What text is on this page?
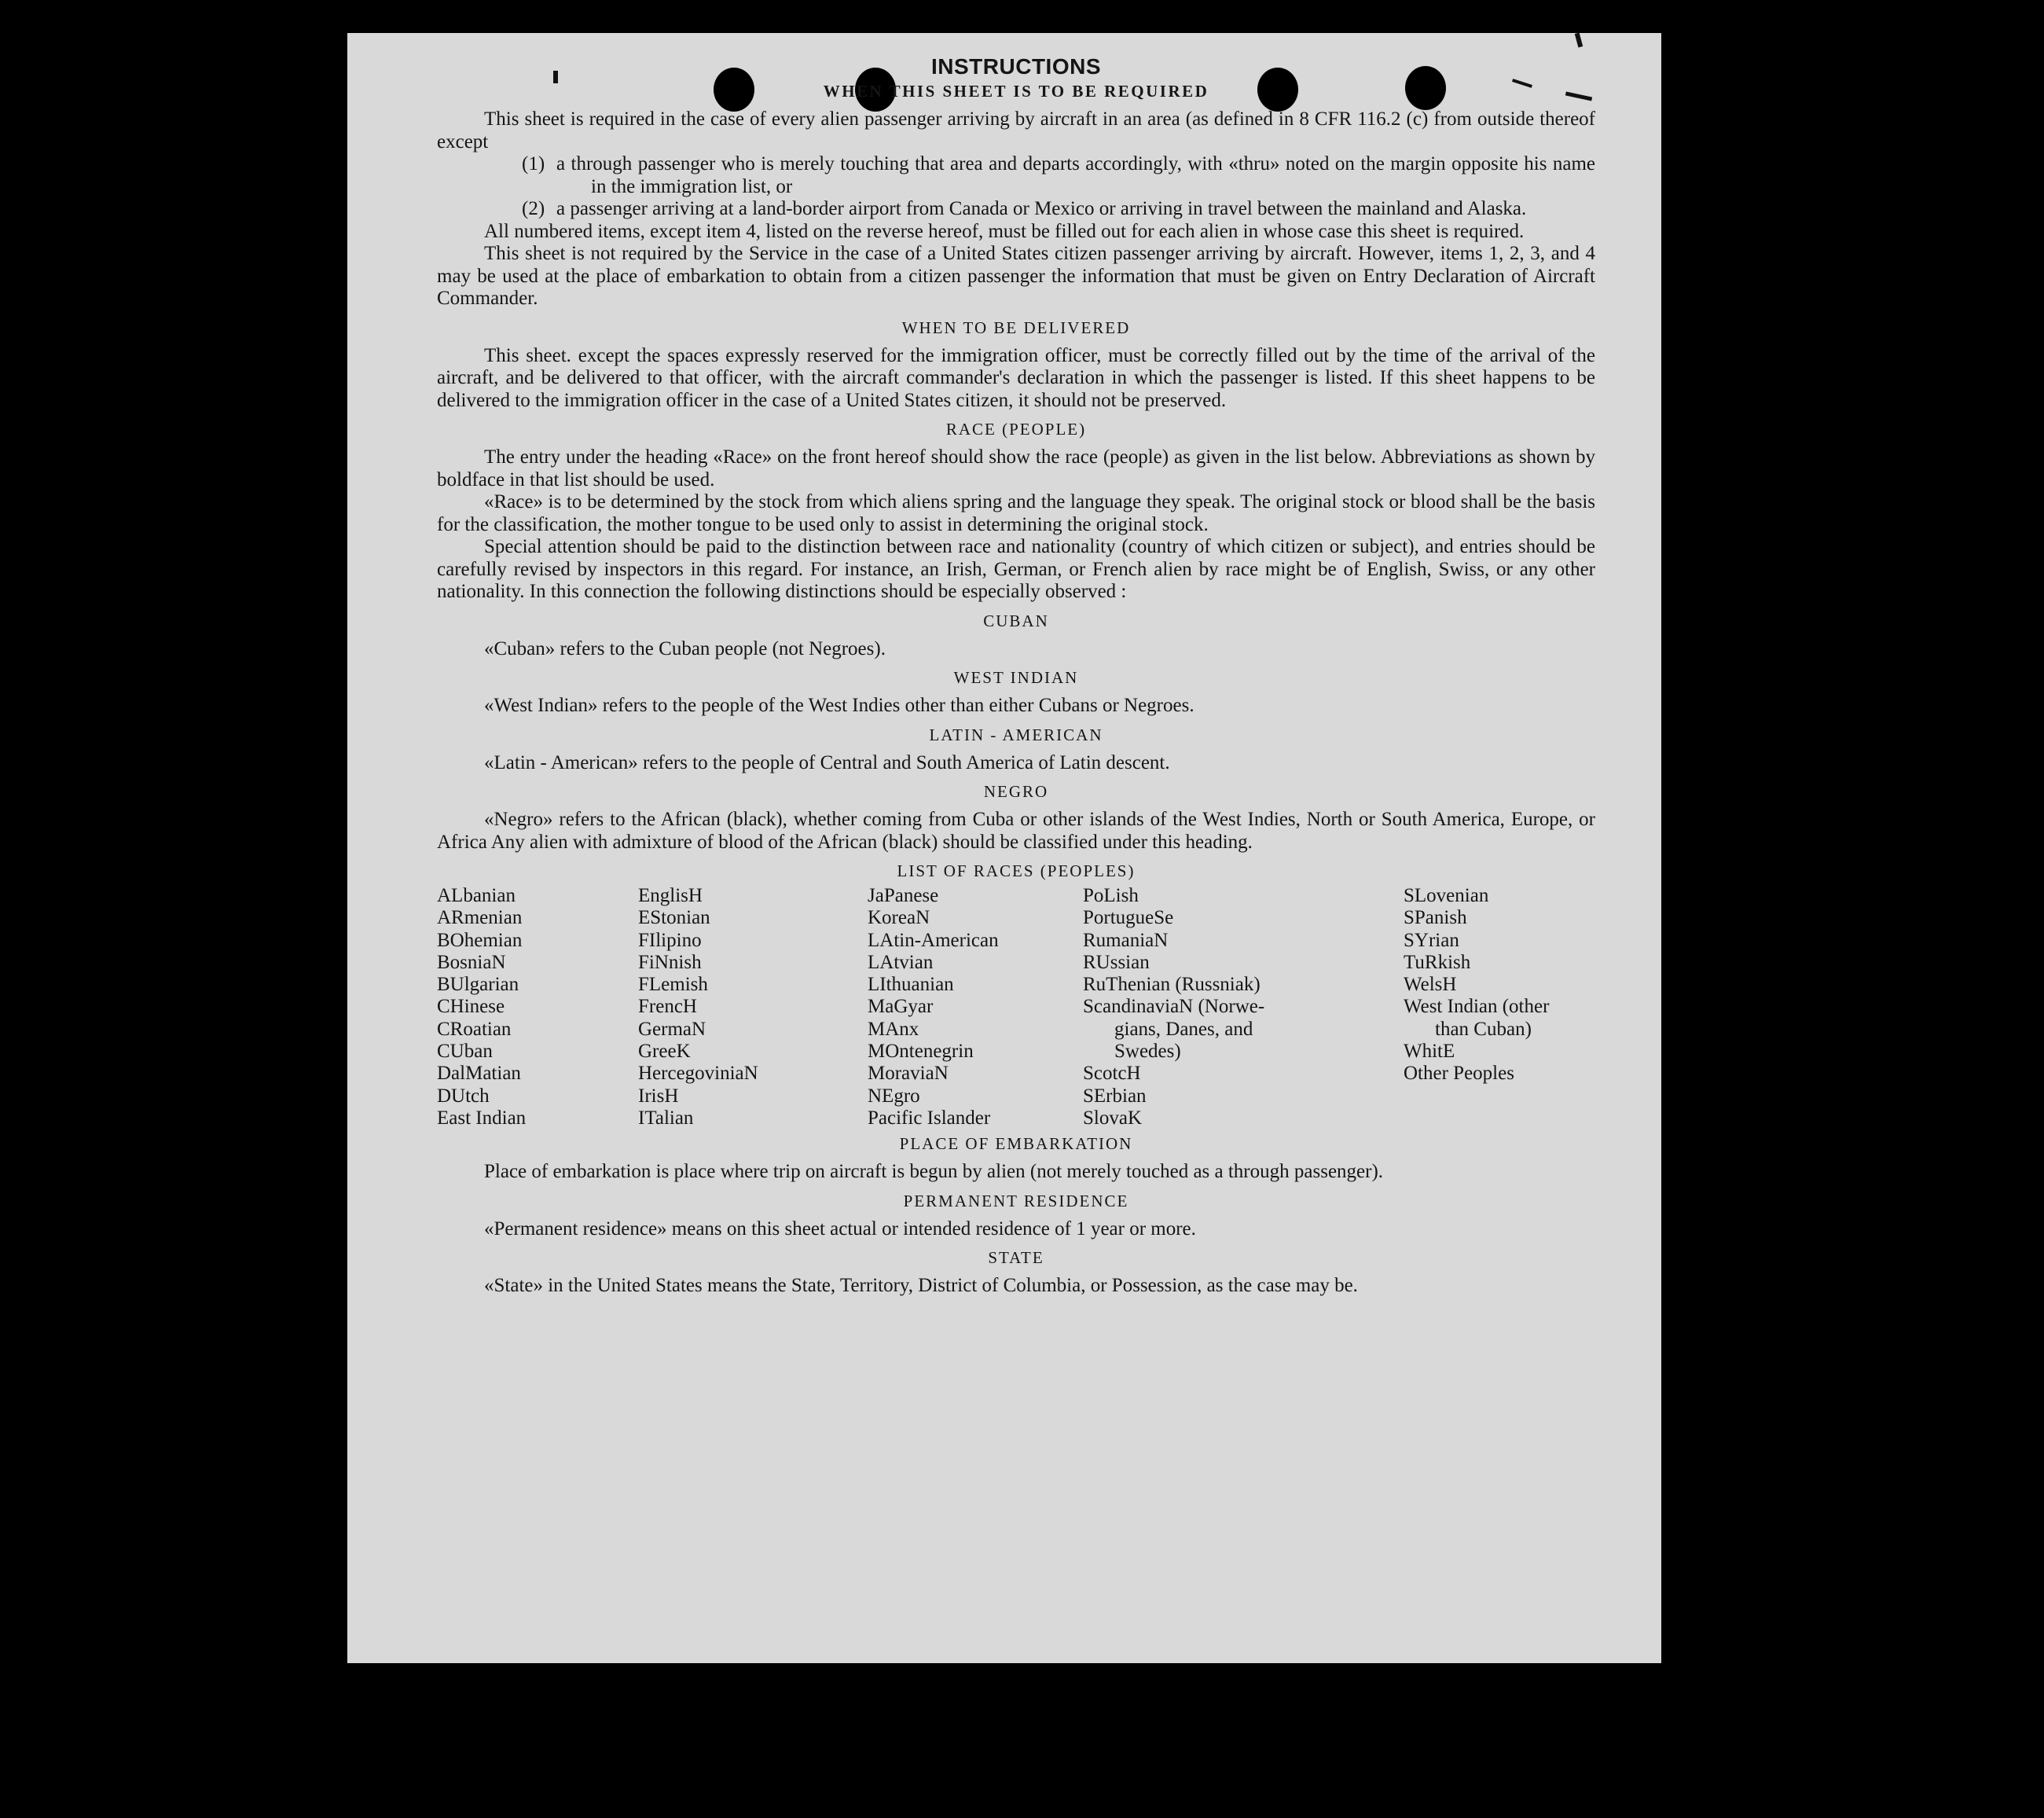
INSTRUCTIONS
WHEN THIS SHEET IS TO BE REQUIRED

This sheet is required in the case of every alien passenger arriving by aircraft in an area (as defined in 8 CFR 116.2 (c) from outside thereof except

(1) a through passenger who is merely touching that area and departs accordingly, with «thru» noted on the margin opposite his name in the immigration list, or

(2) a passenger arriving at a land-border airport from Canada or Mexico or arriving in travel between the mainland and Alaska.

All numbered items, except item 4, listed on the reverse hereof, must be filled out for each alien in whose case this sheet is required.

This sheet is not required by the Service in the case of a United States citizen passenger arriving by aircraft. However, items 1, 2, 3, and 4 may be used at the place of embarkation to obtain from a citizen passenger the information that must be given on Entry Declaration of Aircraft Commander.

WHEN TO BE DELIVERED

This sheet. except the spaces expressly reserved for the immigration officer, must be correctly filled out by the time of the arrival of the aircraft, and be delivered to that officer, with the aircraft commander's declaration in which the passenger is listed. If this sheet happens to be delivered to the immigration officer in the case of a United States citizen, it should not be preserved.

RACE (PEOPLE)

The entry under the heading «Race» on the front hereof should show the race (people) as given in the list below. Abbreviations as shown by boldface in that list should be used.

«Race» is to be determined by the stock from which aliens spring and the language they speak. The original stock or blood shall be the basis for the classification, the mother tongue to be used only to assist in determining the original stock.

Special attention should be paid to the distinction between race and nationality (country of which citizen or subject), and entries should be carefully revised by inspectors in this regard. For instance, an Irish, German, or French alien by race might be of English, Swiss, or any other nationality. In this connection the following distinctions should be especially observed :

CUBAN

«Cuban» refers to the Cuban people (not Negroes).

WEST INDIAN

«West Indian» refers to the people of the West Indies other than either Cubans or Negroes.

LATIN - AMERICAN

«Latin - American» refers to the people of Central and South America of Latin descent.

NEGRO

«Negro» refers to the African (black), whether coming from Cuba or other islands of the West Indies, North or South America, Europe, or Africa Any alien with admixture of blood of the African (black) should be classified under this heading.

LIST OF RACES (PEOPLES)
ALbanian
ARmenian
BOhemian
BosniaN
BUlgarian
CHinese
CRoatian
CUban
DalMatian
DUtch
East Indian
EnglisH
EStonian
FIlipino
FiNnish
FLemish
FrencH
GermaN
GreeK
HercegoviniaN
IrisH
ITalian
JaPanese
KoreaN
LAtin-American
LAtvian
LIthuanian
MaGyar
MAnx
MOntenegrin
MoraviaN
NEgro
Pacific Islander
PoLish
PortugueSe
RumaniaN
RUssian
RuThenian (Russniak)
ScandinaviaN (Norwe-
gians, Danes, and
Swedes)
ScotcH
SErbian
SlovaK
SLovenian
SPanish
SYrian
TuRkish
WelsH
West Indian (other
than Cuban)
WhitE
Other Peoples
PLACE OF EMBARKATION

Place of embarkation is place where trip on aircraft is begun by alien (not merely touched as a through passenger).

PERMANENT RESIDENCE

«Permanent residence» means on this sheet actual or intended residence of 1 year or more.

STATE

«State» in the United States means the State, Territory, District of Columbia, or Possession, as the case may be.
